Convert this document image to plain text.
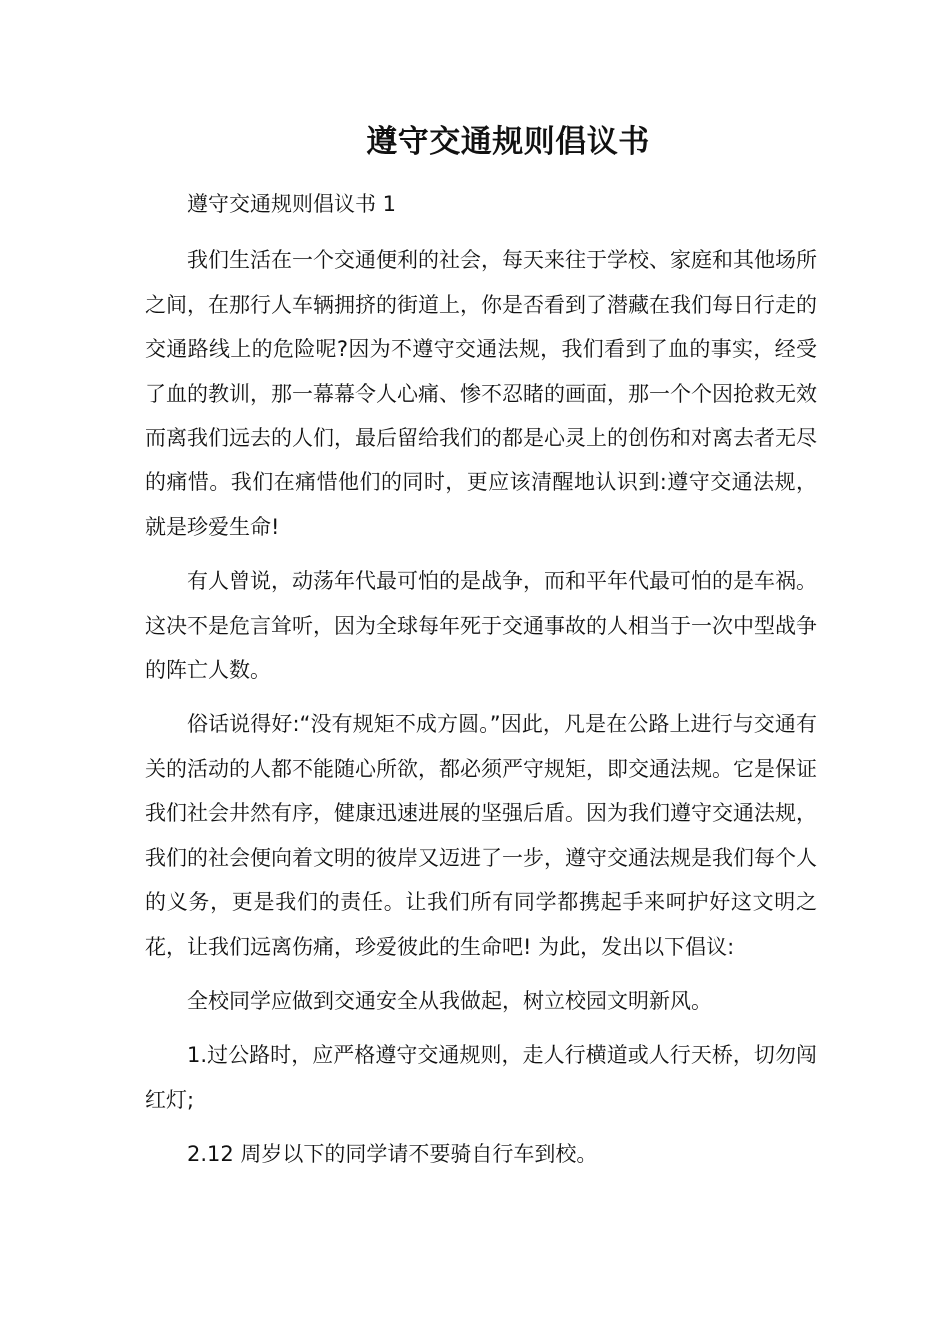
遵守交通规则倡议书

遵守交通规则倡议书 1

我们生活在一个交通便利的社会，每天来往于学校、家庭和其他场所之间，在那行人车辆拥挤的街道上，你是否看到了潜藏在我们每日行走的交通路线上的危险呢?因为不遵守交通法规，我们看到了血的事实，经受了血的教训，那一幕幕令人心痛、惨不忍睹的画面，那一个个因抢救无效而离我们远去的人们，最后留给我们的都是心灵上的创伤和对离去者无尽的痛惜。我们在痛惜他们的同时，更应该清醒地认识到:遵守交通法规，就是珍爱生命!

有人曾说，动荡年代最可怕的是战争，而和平年代最可怕的是车祸。这决不是危言耸听，因为全球每年死于交通事故的人相当于一次中型战争的阵亡人数。

俗话说得好:“没有规矩不成方圆。”因此，凡是在公路上进行与交通有关的活动的人都不能随心所欲，都必须严守规矩，即交通法规。它是保证我们社会井然有序，健康迅速进展的坚强后盾。因为我们遵守交通法规，我们的社会便向着文明的彼岸又迈进了一步，遵守交通法规是我们每个人的义务，更是我们的责任。让我们所有同学都携起手来呵护好这文明之花，让我们远离伤痛，珍爱彼此的生命吧! 为此，发出以下倡议:

全校同学应做到交通安全从我做起，树立校园文明新风。

1.过公路时，应严格遵守交通规则，走人行横道或人行天桥，切勿闯红灯;

2.12 周岁以下的同学请不要骑自行车到校。
